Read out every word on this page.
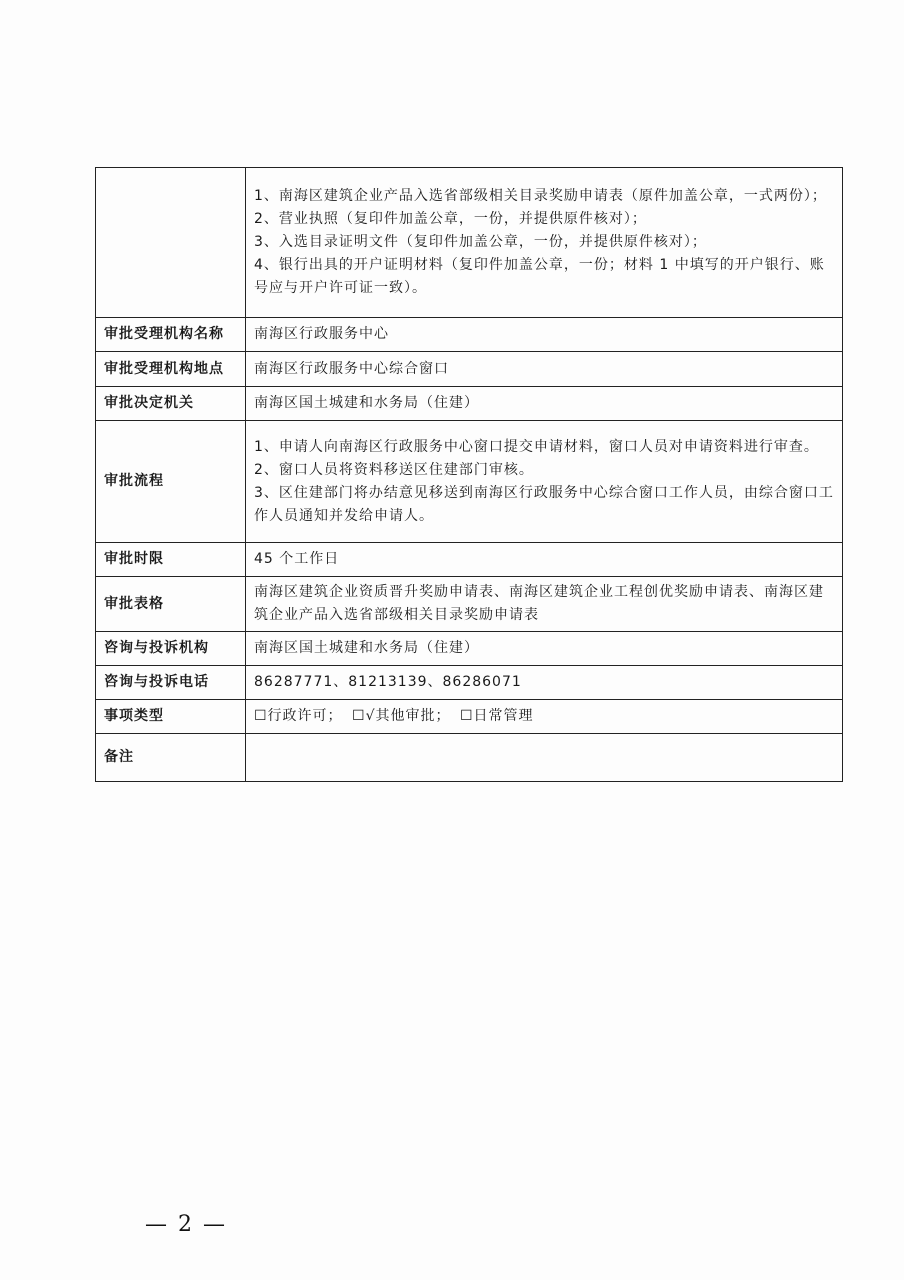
	1、南海区建筑企业产品入选省部级相关目录奖励申请表（原件加盖公章，一式两份）；
2、营业执照（复印件加盖公章，一份，并提供原件核对）；
3、入选目录证明文件（复印件加盖公章，一份，并提供原件核对）；
4、银行出具的开户证明材料（复印件加盖公章，一份；材料 1 中填写的开户银行、账号应与开户许可证一致）。

审批受理机构名称	南海区行政服务中心
审批受理机构地点	南海区行政服务中心综合窗口
审批决定机关	南海区国土城建和水务局（住建）
审批流程	1、申请人向南海区行政服务中心窗口提交申请材料，窗口人员对申请资料进行审查。
2、窗口人员将资料移送区住建部门审核。
3、区住建部门将办结意见移送到南海区行政服务中心综合窗口工作人员，由综合窗口工作人员通知并发给申请人。

审批时限	45 个工作日
审批表格	南海区建筑企业资质晋升奖励申请表、南海区建筑企业工程创优奖励申请表、南海区建筑企业产品入选省部级相关目录奖励申请表
咨询与投诉机构	南海区国土城建和水务局（住建）
咨询与投诉电话	86287771、81213139、86286071
事项类型	☐行政许可； ☐√其他审批； ☐日常管理
备注	
— 2 —
